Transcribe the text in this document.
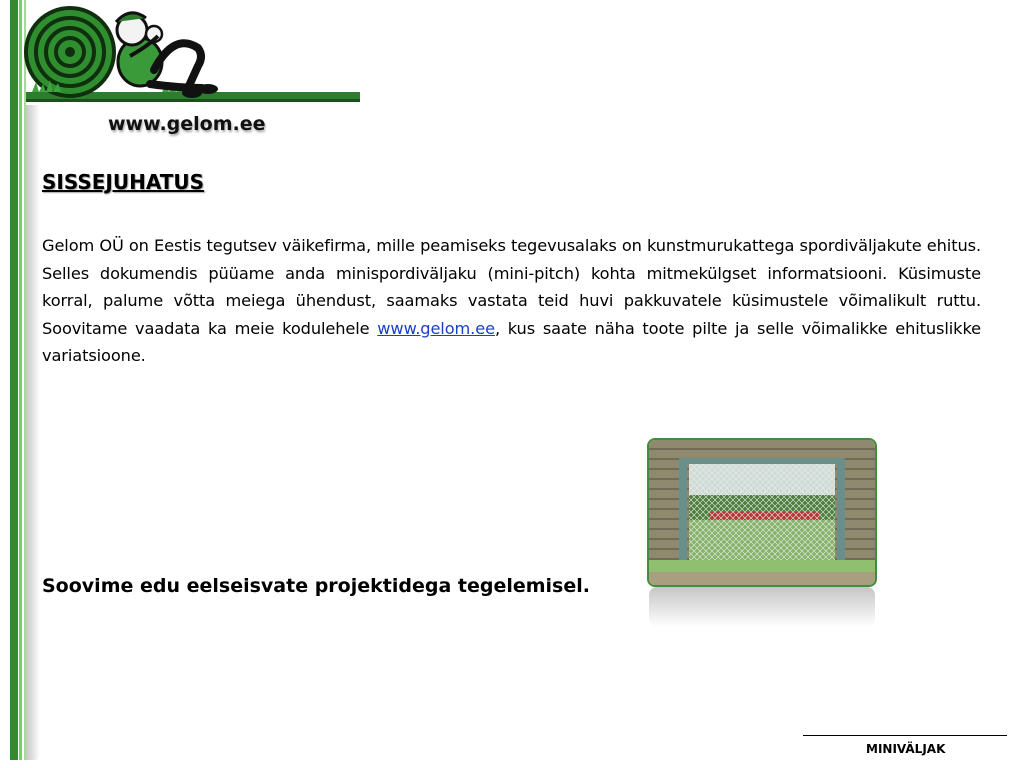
www.gelom.ee
SISSEJUHATUS
Gelom OÜ on Eestis tegutsev väikefirma, mille peamiseks tegevusalaks on kunstmurukattega spordiväljakute ehitus. Selles dokumendis püüame anda minispordiväljaku (mini-pitch) kohta mitmekülgset informatsiooni. Küsimuste korral, palume võtta meiega ühendust, saamaks vastata teid huvi pakkuvatele küsimustele võimalikult ruttu. Soovitame vaadata ka meie kodulehele www.gelom.ee, kus saate näha toote pilte ja selle võimalikke ehituslikke variatsioone.
Soovime edu eelseisvate projektidega tegelemisel.
MINIVÄLJAK
